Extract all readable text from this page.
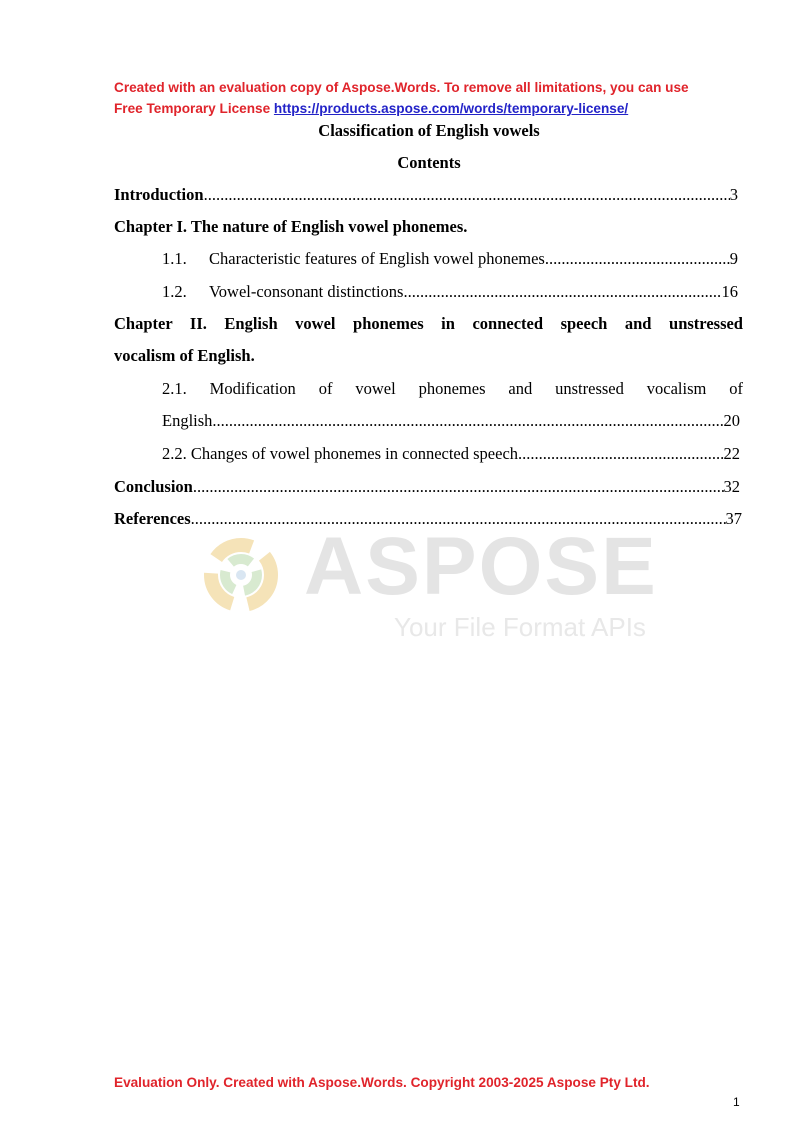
Created with an evaluation copy of Aspose.Words. To remove all limitations, you can use
Free Temporary License https://products.aspose.com/words/temporary-license/
ASPOSE
Your File Format APIs
Classification of English vowels
Contents
Introduction .....	3
Chapter I. The nature of English vowel phonemes.
1.1. Characteristic features of English vowel phonemes .....	9
1.2. Vowel-consonant distinctions .....	16
Chapter II. English vowel phonemes in connected speech and unstressed
vocalism of English.
2.1. Modification of vowel phonemes and unstressed vocalism of
English .....	20
2.2. Changes of vowel phonemes in connected speech .....	22
Conclusion .....	32
References .....	37
Evaluation Only. Created with Aspose.Words. Copyright 2003-2025 Aspose Pty Ltd.
1
